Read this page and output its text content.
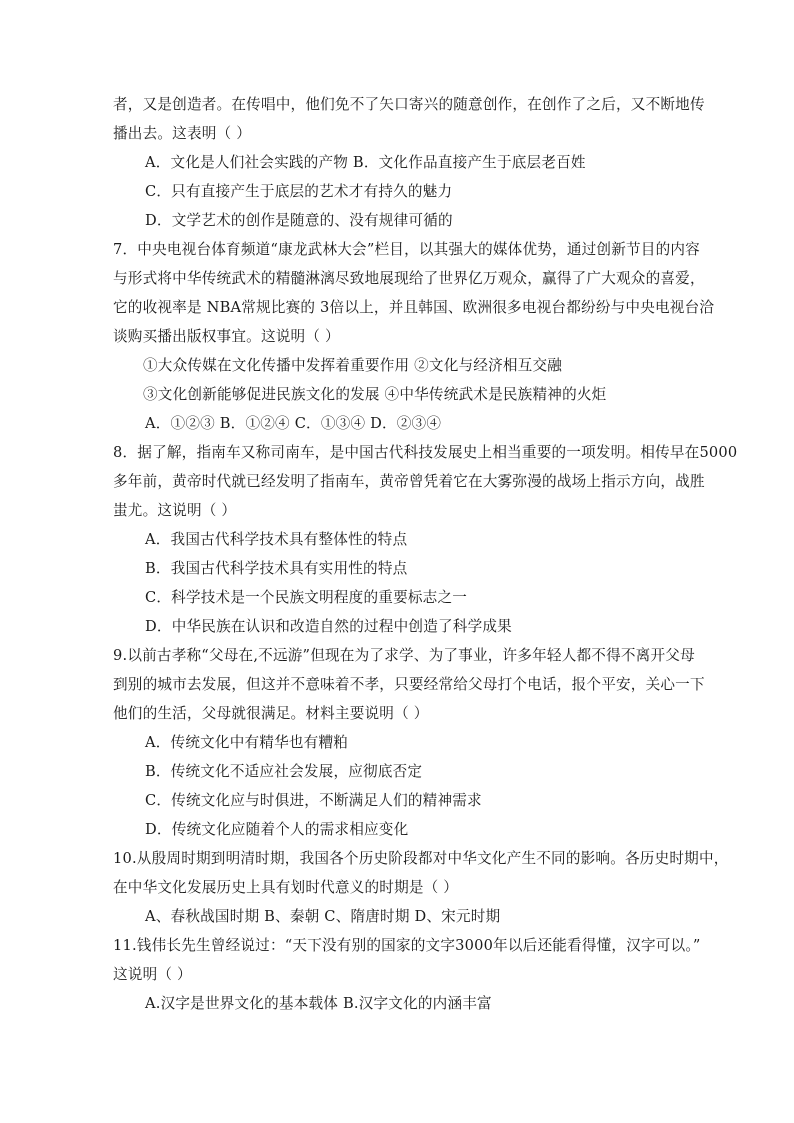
者，又是创造者。在传唱中，他们免不了矢口寄兴的随意创作，在创作了之后，又不断地传
播出去。这表明（ ）
A．文化是人们社会实践的产物 B．文化作品直接产生于底层老百姓
C．只有直接产生于底层的艺术才有持久的魅力
D．文学艺术的创作是随意的、没有规律可循的
7．中央电视台体育频道“康龙武林大会”栏目，以其强大的媒体优势，通过创新节目的内容
与形式将中华传统武术的精髓淋漓尽致地展现给了世界亿万观众，赢得了广大观众的喜爱，
它的收视率是 NBA常规比赛的 3倍以上，并且韩国、欧洲很多电视台都纷纷与中央电视台洽
谈购买播出版权事宜。这说明（ ）
①大众传媒在文化传播中发挥着重要作用 ②文化与经济相互交融
③文化创新能够促进民族文化的发展 ④中华传统武术是民族精神的火炬
A．①②③ B．①②④ C．①③④ D．②③④
8．据了解，指南车又称司南车，是中国古代科技发展史上相当重要的一项发明。相传早在5000
多年前，黄帝时代就已经发明了指南车，黄帝曾凭着它在大雾弥漫的战场上指示方向，战胜
蚩尤。这说明（ ）
A．我国古代科学技术具有整体性的特点
B．我国古代科学技术具有实用性的特点
C．科学技术是一个民族文明程度的重要标志之一
D．中华民族在认识和改造自然的过程中创造了科学成果
9.以前古孝称“父母在,不远游”但现在为了求学、为了事业，许多年轻人都不得不离开父母
到别的城市去发展，但这并不意味着不孝，只要经常给父母打个电话，报个平安，关心一下
他们的生活，父母就很满足。材料主要说明（ ）
A．传统文化中有精华也有糟粕
B．传统文化不适应社会发展，应彻底否定
C．传统文化应与时俱进，不断满足人们的精神需求
D．传统文化应随着个人的需求相应变化
10.从殷周时期到明清时期，我国各个历史阶段都对中华文化产生不同的影响。各历史时期中，
在中华文化发展历史上具有划时代意义的时期是（ ）
A、春秋战国时期 B、秦朝 C、隋唐时期 D、宋元时期
11.钱伟长先生曾经说过：“天下没有别的国家的文字3000年以后还能看得懂，汉字可以。”
这说明（ ）
A.汉字是世界文化的基本载体 B.汉字文化的内涵丰富
